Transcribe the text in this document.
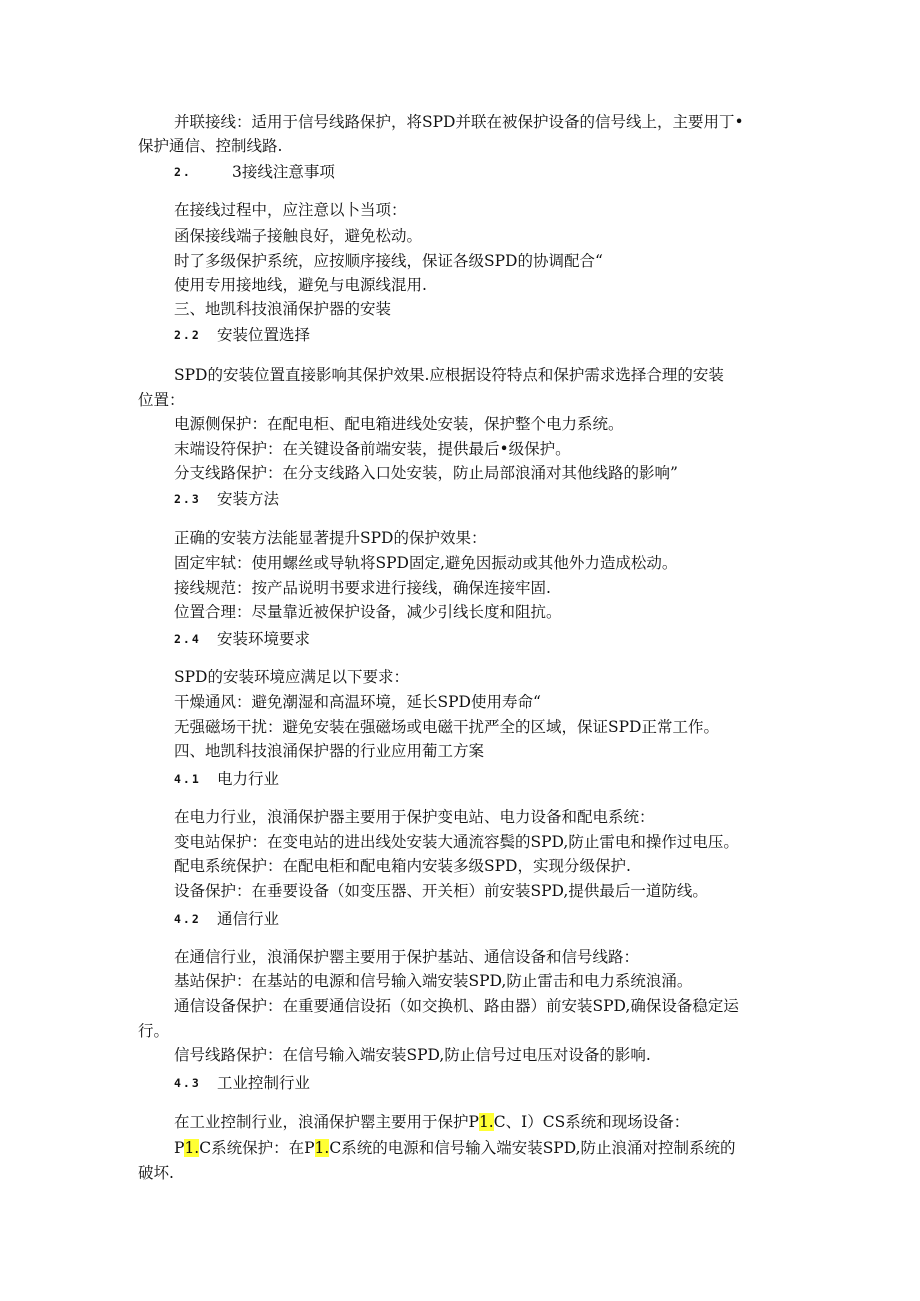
并联接线：适用于信号线路保护，将SPD并联在被保护设备的信号线上，主要用丁•
保护通信、控制线路.
2.	3接线注意事项
在接线过程中，应注意以卜当项：
函保接线端子接触良好，避免松动。
时了多级保护系统，应按顺序接线，保证各级SPD的协调配合“
使用专用接地线，避免与电源线混用.
三、地凯科技浪涌保护器的安装
2.2 安装位置选择
SPD的安装位置直接影响其保护效果.应根据设符特点和保护需求选择合理的安装
位置：
电源侧保护：在配电柜、配电箱进线处安装，保护整个电力系统。
末端设符保护：在关键设备前端安装，提供最后•级保护。
分支线路保护：在分支线路入口处安装，防止局部浪涌对其他线路的影响”
2.3 安装方法
正确的安装方法能显著提升SPD的保护效果：
固定牢轼：使用螺丝或导轨将SPD固定,避免因振动或其他外力造成松动。
接线规范：按产品说明书要求进行接线，确保连接牢固.
位置合理：尽量靠近被保护设备，减少引线长度和阻抗。
2.4 安装环境要求
SPD的安装环境应满足以下要求：
干燥通风：避免潮湿和高温环境，延长SPD使用寿命“
无强磁场干扰：避免安装在强磁场或电磁干扰严全的区域，保证SPD正常工作。
四、地凯科技浪涌保护器的行业应用葡工方案
4.1 电力行业
在电力行业，浪涌保护器主要用于保护变电站、电力设备和配电系统：
变电站保护：在变电站的进出线处安装大通流容鬓的SPD,防止雷电和操作过电压。
配电系统保护：在配电柜和配电箱内安装多级SPD，实现分级保护.
设备保护：在垂要设备（如变压器、开关柜）前安装SPD,提供最后一道防线。
4.2 通信行业
在通信行业，浪涌保护罂主要用于保护基站、通信设备和信号线路：
基站保护：在基站的电源和信号输入端安装SPD,防止雷击和电力系统浪涌。
通信设备保护：在重要通信设拓（如交换机、路由器）前安装SPD,确保设备稳定运
行。
信号线路保护：在信号输入端安装SPD,防止信号过电压对设备的影响.
4.3 工业控制行业
在工业控制行业，浪涌保护罂主要用于保护P1.C、I）CS系统和现场设备：
P1.C系统保护：在P1.C系统的电源和信号输入端安装SPD,防止浪涌对控制系统的
破坏.
